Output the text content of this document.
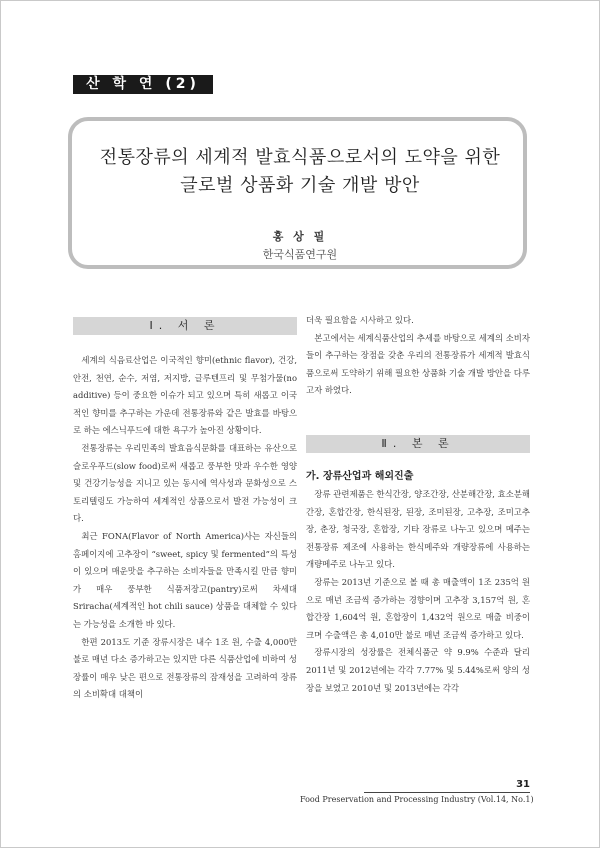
산 학 연 (2)
전통장류의 세계적 발효식품으로서의 도약을 위한
글로벌 상품화 기술 개발 방안
홍 상 필
한국식품연구원
Ⅰ. 서 론

세계의 식음료산업은 이국적인 향미(ethnic flavor), 건강, 안전, 천연, 순수, 저염, 저지방, 글루텐프리 및 무첨가물(no additive) 등이 중요한 이슈가 되고 있으며 특히 새롭고 이국적인 향미를 추구하는 가운데 전통장류와 같은 발효를 바탕으로 하는 에스닉푸드에 대한 욕구가 높아진 상황이다.

전통장류는 우리민족의 발효음식문화를 대표하는 유산으로 슬로우푸드(slow food)로써 새롭고 풍부한 맛과 우수한 영양 및 건강기능성을 지니고 있는 동시에 역사성과 문화성으로 스토리텔링도 가능하여 세계적인 상품으로서 발전 가능성이 크다.

최근 FONA(Flavor of North America)사는 자신들의 홈페이지에 고추장이 “sweet, spicy 및 fermented”의 특성이 있으며 매운맛을 추구하는 소비자들을 만족시킬 만큼 향미가 매우 풍부한 식품저장고(pantry)로써 차세대 Sriracha(세계적인 hot chili sauce) 상품을 대체할 수 있다는 가능성을 소개한 바 있다.

한편 2013도 기준 장류시장은 내수 1조 원, 수출 4,000만 불로 매년 다소 증가하고는 있지만 다른 식품산업에 비하여 성장률이 매우 낮은 편으로 전통장류의 잠재성을 고려하여 장류의 소비확대 대책이

더욱 필요함을 시사하고 있다.

본고에서는 세계식품산업의 추세를 바탕으로 세계의 소비자들이 추구하는 장점을 갖춘 우리의 전통장류가 세계적 발효식품으로써 도약하기 위해 필요한 상품화 기술 개발 방안을 다루고자 하였다.

Ⅱ. 본 론
가. 장류산업과 해외진출

장류 관련제품은 한식간장, 양조간장, 산분해간장, 효소분해간장, 혼합간장, 한식된장, 된장, 조미된장, 고추장, 조미고추장, 춘장, 청국장, 혼합장, 기타 장류로 나누고 있으며 메주는 전통장류 제조에 사용하는 한식메주와 개량장류에 사용하는 개량메주로 나누고 있다.

장류는 2013년 기준으로 볼 때 총 매출액이 1조 235억 원으로 매년 조금씩 증가하는 경향이며 고추장 3,157억 원, 혼합간장 1,604억 원, 혼합장이 1,432억 원으로 매출 비중이 크며 수출액은 총 4,010만 불로 매년 조금씩 증가하고 있다.

장류시장의 성장률은 전체식품군 약 9.9% 수준과 달리 2011년 및 2012년에는 각각 7.77% 및 5.44%로써 양의 성장을 보였고 2010년 및 2013년에는 각각

31
Food Preservation and Processing Industry (Vol.14, No.1)
